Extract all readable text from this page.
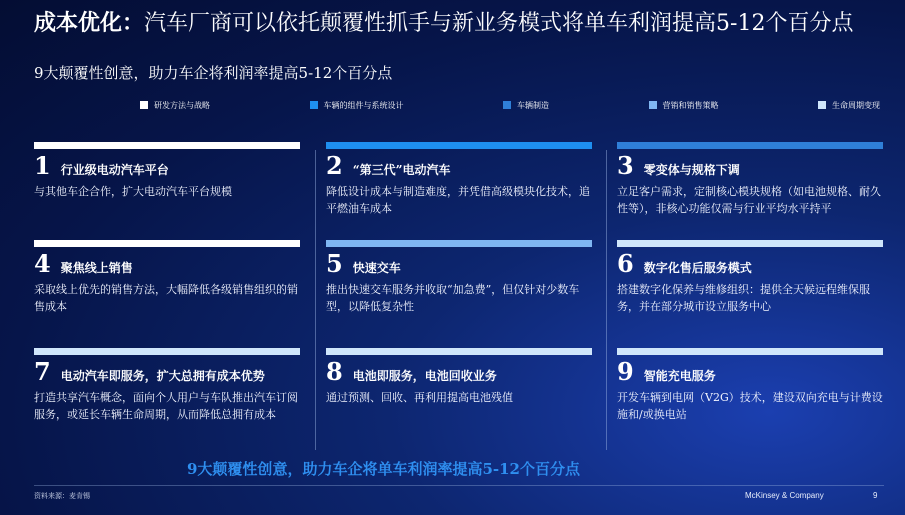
成本优化：汽车厂商可以依托颠覆性抓手与新业务模式将单车利润提高5-12个百分点
9大颠覆性创意，助力车企将利润率提高5-12个百分点
研发方法与战略	车辆的组件与系统设计	车辆制造	营销和销售策略	生命周期变现
1 行业级电动汽车平台
与其他车企合作，扩大电动汽车平台规模
2 “第三代”电动汽车
降低设计成本与制造难度，并凭借高级模块化技术，追平燃油车成本
3 零变体与规格下调
立足客户需求，定制核心模块规格（如电池规格、耐久性等），非核心功能仅需与行业平均水平持平
4 聚焦线上销售
采取线上优先的销售方法，大幅降低各级销售组织的销售成本
5 快速交车
推出快速交车服务并收取“加急费”，但仅针对少数车型，以降低复杂性
6 数字化售后服务模式
搭建数字化保养与维修组织：提供全天候远程维保服务，并在部分城市设立服务中心
7 电动汽车即服务，扩大总拥有成本优势
打造共享汽车概念，面向个人用户与车队推出汽车订阅服务，或延长车辆生命周期，从而降低总拥有成本
8 电池即服务，电池回收业务
通过预测、回收、再利用提高电池残值
9 智能充电服务
开发车辆到电网（V2G）技术，建设双向充电与计费设施和/或换电站
9大颠覆性创意，助力车企将单车利润率提高5-12个百分点
资料来源：麦肯锡	McKinsey & Company	9
